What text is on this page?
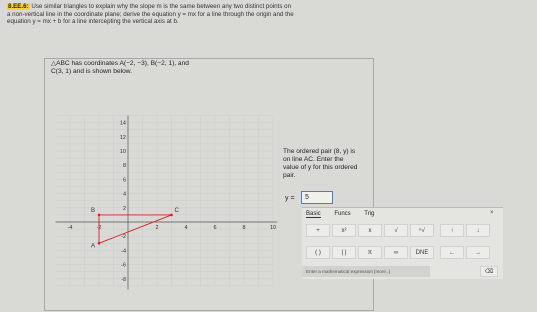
8.EE.6: Use similar triangles to explain why the slope m is the same between any two distinct points on
a non-vertical line in the coordinate plane; derive the equation y = mx for a line through the origin and the
equation y = mx + b for a line intercepting the vertical axis at b.
△ABC has coordinates A(−2, −3), B(−2, 1), and
C(3, 1) and is shown below.
14
12
10
8
6
4
2
-2
-4
-6
-8
-4	-2	2	4	6	8	10
A
B	C
The ordered pair (8, y) is
on line AC. Enter the
value of y for this ordered
pair.
y =	5
Basic Funcs Trig	×
+	x²	x	√	ⁿ√	↑	↓
( )	| |	π	∞	DNE	←	→
Enter a mathematical expression [more..]	⌫
